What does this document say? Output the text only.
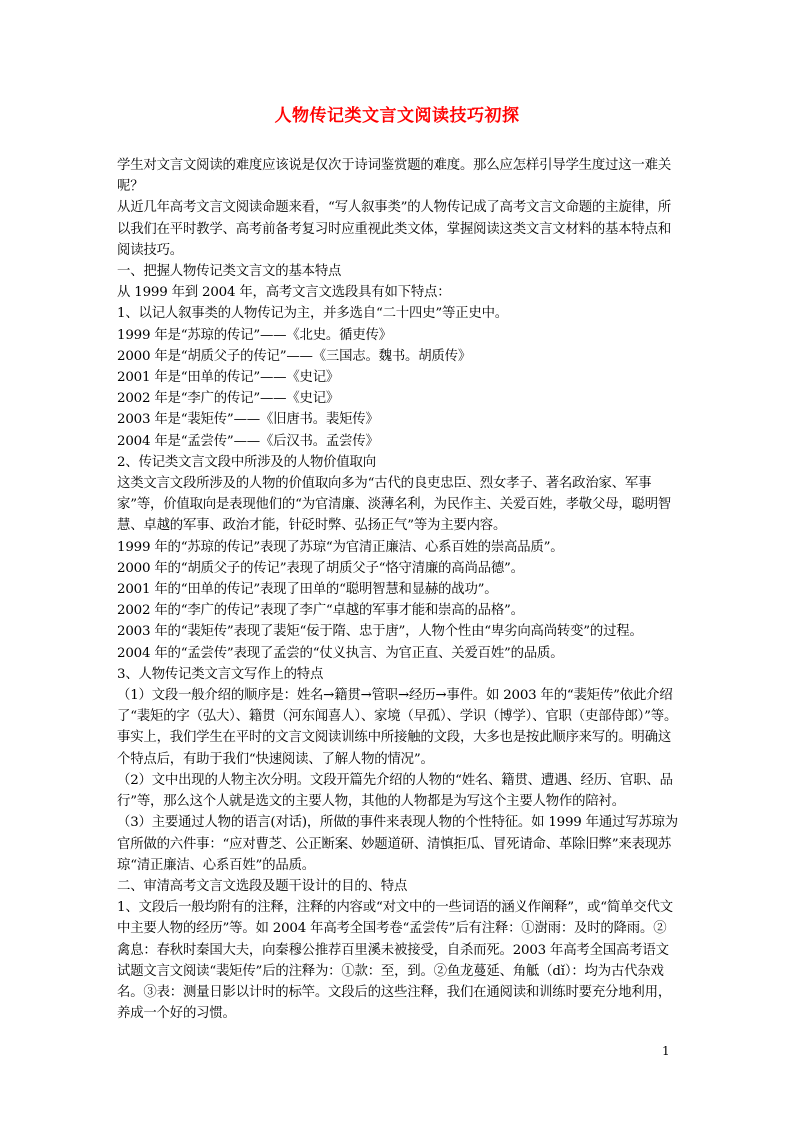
人物传记类文言文阅读技巧初探

学生对文言文阅读的难度应该说是仅次于诗词鉴赏题的难度。那么应怎样引导学生度过这一难关呢？

从近几年高考文言文阅读命题来看，“写人叙事类”的人物传记成了高考文言文命题的主旋律，所以我们在平时教学、高考前备考复习时应重视此类文体，掌握阅读这类文言文材料的基本特点和阅读技巧。

一、把握人物传记类文言文的基本特点

从 1999 年到 2004 年，高考文言文选段具有如下特点：

1、以记人叙事类的人物传记为主，并多选自“二十四史”等正史中。

1999 年是“苏琼的传记”——《北史。循吏传》

2000 年是“胡质父子的传记”——《三国志。魏书。胡质传》

2001 年是“田单的传记”——《史记》

2002 年是“李广的传记”——《史记》

2003 年是“裴矩传”——《旧唐书。裴矩传》

2004 年是“孟尝传”——《后汉书。孟尝传》

2、传记类文言文段中所涉及的人物价值取向

这类文言文段所涉及的人物的价值取向多为“古代的良吏忠臣、烈女孝子、著名政治家、军事家”等，价值取向是表现他们的“为官清廉、淡薄名利，为民作主、关爱百姓，孝敬父母，聪明智慧、卓越的军事、政治才能，针砭时弊、弘扬正气”等为主要内容。

1999 年的“苏琼的传记”表现了苏琼“为官清正廉洁、心系百姓的崇高品质”。

2000 年的“胡质父子的传记”表现了胡质父子“恪守清廉的高尚品德”。

2001 年的“田单的传记”表现了田单的“聪明智慧和显赫的战功”。

2002 年的“李广的传记”表现了李广“卓越的军事才能和崇高的品格”。

2003 年的“裴矩传”表现了裴矩“佞于隋、忠于唐”，人物个性由“卑劣向高尚转变”的过程。

2004 年的“孟尝传”表现了孟尝的“仗义执言、为官正直、关爱百姓”的品质。

3、人物传记类文言文写作上的特点

（1）文段一般介绍的顺序是：姓名→籍贯→管职→经历→事件。如 2003 年的“裴矩传”依此介绍了“裴矩的字（弘大）、籍贯（河东闻喜人）、家境（早孤）、学识（博学）、官职（吏部侍郎）”等。事实上，我们学生在平时的文言文阅读训练中所接触的文段，大多也是按此顺序来写的。明确这个特点后，有助于我们“快速阅读、了解人物的情况”。

（2）文中出现的人物主次分明。文段开篇先介绍的人物的“姓名、籍贯、遭遇、经历、官职、品行”等，那么这个人就是选文的主要人物，其他的人物都是为写这个主要人物作的陪衬。

（3）主要通过人物的语言(对话)，所做的事件来表现人物的个性特征。如 1999 年通过写苏琼为官所做的六件事：“应对曹芝、公正断案、妙题道研、清慎拒瓜、冒死请命、革除旧弊”来表现苏琼“清正廉洁、心系百姓”的品质。

二、审清高考文言文选段及题干设计的目的、特点

1、文段后一般均附有的注释，注释的内容或“对文中的一些词语的涵义作阐释”，或“简单交代文中主要人物的经历”等。如 2004 年高考全国考卷“孟尝传”后有注释：①澍雨：及时的降雨。②禽息：春秋时秦国大夫，向秦穆公推荐百里溪未被接受，自杀而死。2003 年高考全国高考语文试题文言文阅读“裴矩传”后的注释为：①款：至，到。②鱼龙蔓延、角觝（dǐ）：均为古代杂戏名。③表：测量日影以计时的标竿。文段后的这些注释，我们在通阅读和训练时要充分地利用，养成一个好的习惯。

1
